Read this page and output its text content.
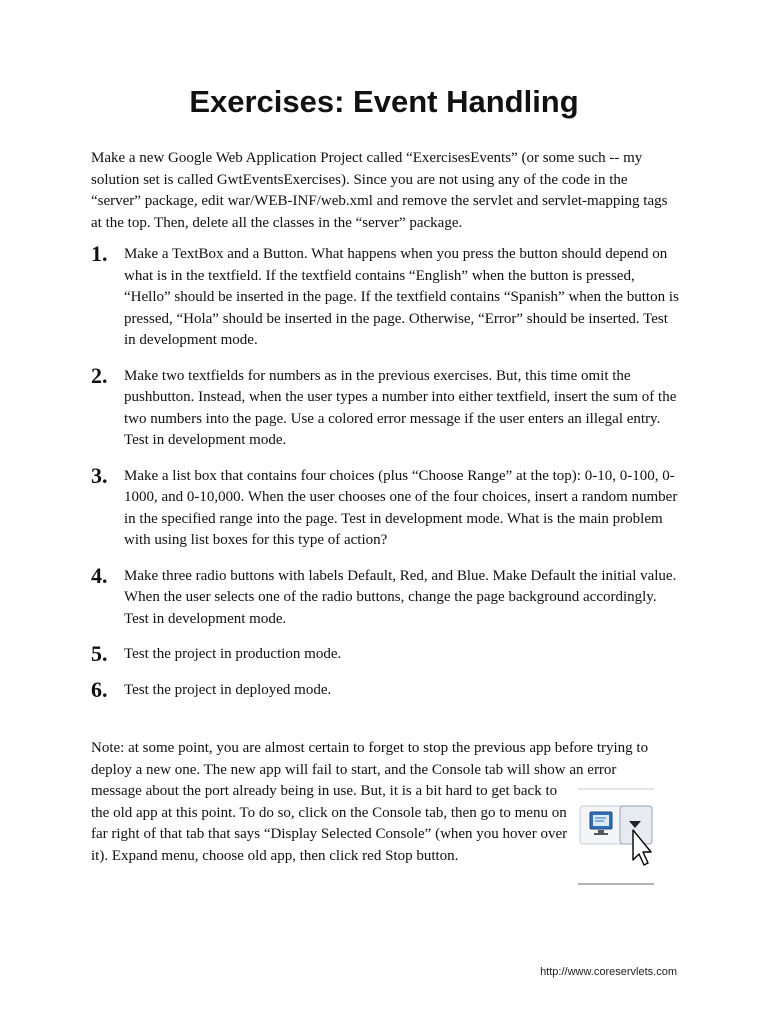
Exercises: Event Handling

Make a new Google Web Application Project called “ExercisesEvents” (or some such -- my solution set is called GwtEventsExercises). Since you are not using any of the code in the “server” package, edit war/WEB-INF/web.xml and remove the servlet and servlet-mapping tags at the top. Then, delete all the classes in the “server” package.

1.	Make a TextBox and a Button. What happens when you press the button should depend on what is in the textfield. If the textfield contains “English” when the button is pressed, “Hello” should be inserted in the page. If the textfield contains “Spanish” when the button is pressed, “Hola” should be inserted in the page. Otherwise, “Error” should be inserted. Test in development mode.
2.	Make two textfields for numbers as in the previous exercises. But, this time omit the pushbutton. Instead, when the user types a number into either textfield, insert the sum of the two numbers into the page. Use a colored error message if the user enters an illegal entry. Test in development mode.
3.	Make a list box that contains four choices (plus “Choose Range” at the top): 0-10, 0-100, 0-1000, and 0-10,000. When the user chooses one of the four choices, insert a random number in the specified range into the page. Test in development mode. What is the main problem with using list boxes for this type of action?
4.	Make three radio buttons with labels Default, Red, and Blue. Make Default the initial value. When the user selects one of the radio buttons, change the page background accordingly. Test in development mode.
5.	Test the project in production mode.
6.	Test the project in deployed mode.
Note: at some point, you are almost certain to forget to stop the previous app before trying to deploy a new one. The new app will fail to start, and the Console tab will show an error
message about the port already being in use. But, it is a bit hard to get back to the old app at this point. To do so, click on the Console tab, then go to menu on far right of that tab that says “Display Selected Console” (when you hover over it). Expand menu, choose old app, then click red Stop button.
http://www.coreservlets.com
